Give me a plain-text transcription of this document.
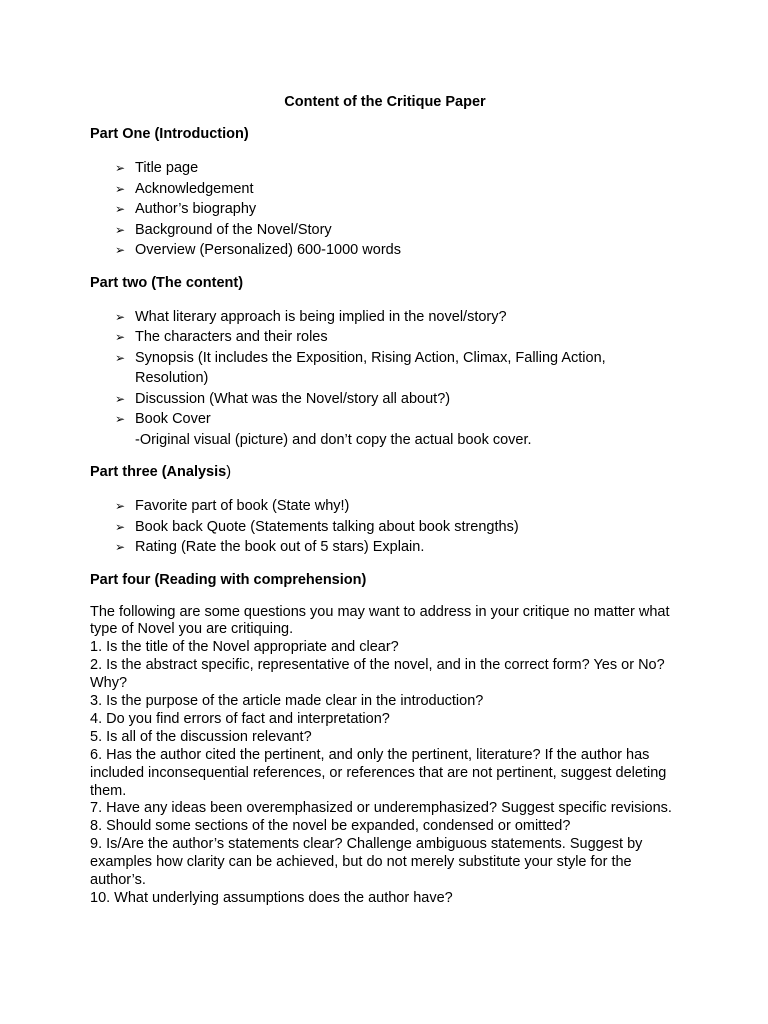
Content of the Critique Paper
Part One (Introduction)
➢ Title page
➢ Acknowledgement
➢ Author’s biography
➢ Background of the Novel/Story
➢ Overview (Personalized) 600-1000 words
Part two (The content)
➢ What literary approach is being implied in the novel/story?
➢ The characters and their roles
➢ Synopsis (It includes the Exposition, Rising Action, Climax, Falling Action, Resolution)
➢ Discussion (What was the Novel/story all about?)
➢ Book Cover
-Original visual (picture) and don’t copy the actual book cover.
Part three (Analysis)
➢ Favorite part of book (State why!)
➢ Book back Quote (Statements talking about book strengths)
➢ Rating (Rate the book out of 5 stars) Explain.
Part four (Reading with comprehension)

The following are some questions you may want to address in your critique no matter what type of Novel you are critiquing.

1. Is the title of the Novel appropriate and clear?

2. Is the abstract specific, representative of the novel, and in the correct form? Yes or No? Why?

3. Is the purpose of the article made clear in the introduction?

4. Do you find errors of fact and interpretation?

5. Is all of the discussion relevant?

6. Has the author cited the pertinent, and only the pertinent, literature? If the author has included inconsequential references, or references that are not pertinent, suggest deleting them.

7. Have any ideas been overemphasized or underemphasized? Suggest specific revisions.

8. Should some sections of the novel be expanded, condensed or omitted?

9. Is/Are the author’s statements clear? Challenge ambiguous statements. Suggest by examples how clarity can be achieved, but do not merely substitute your style for the author’s.

10. What underlying assumptions does the author have?
